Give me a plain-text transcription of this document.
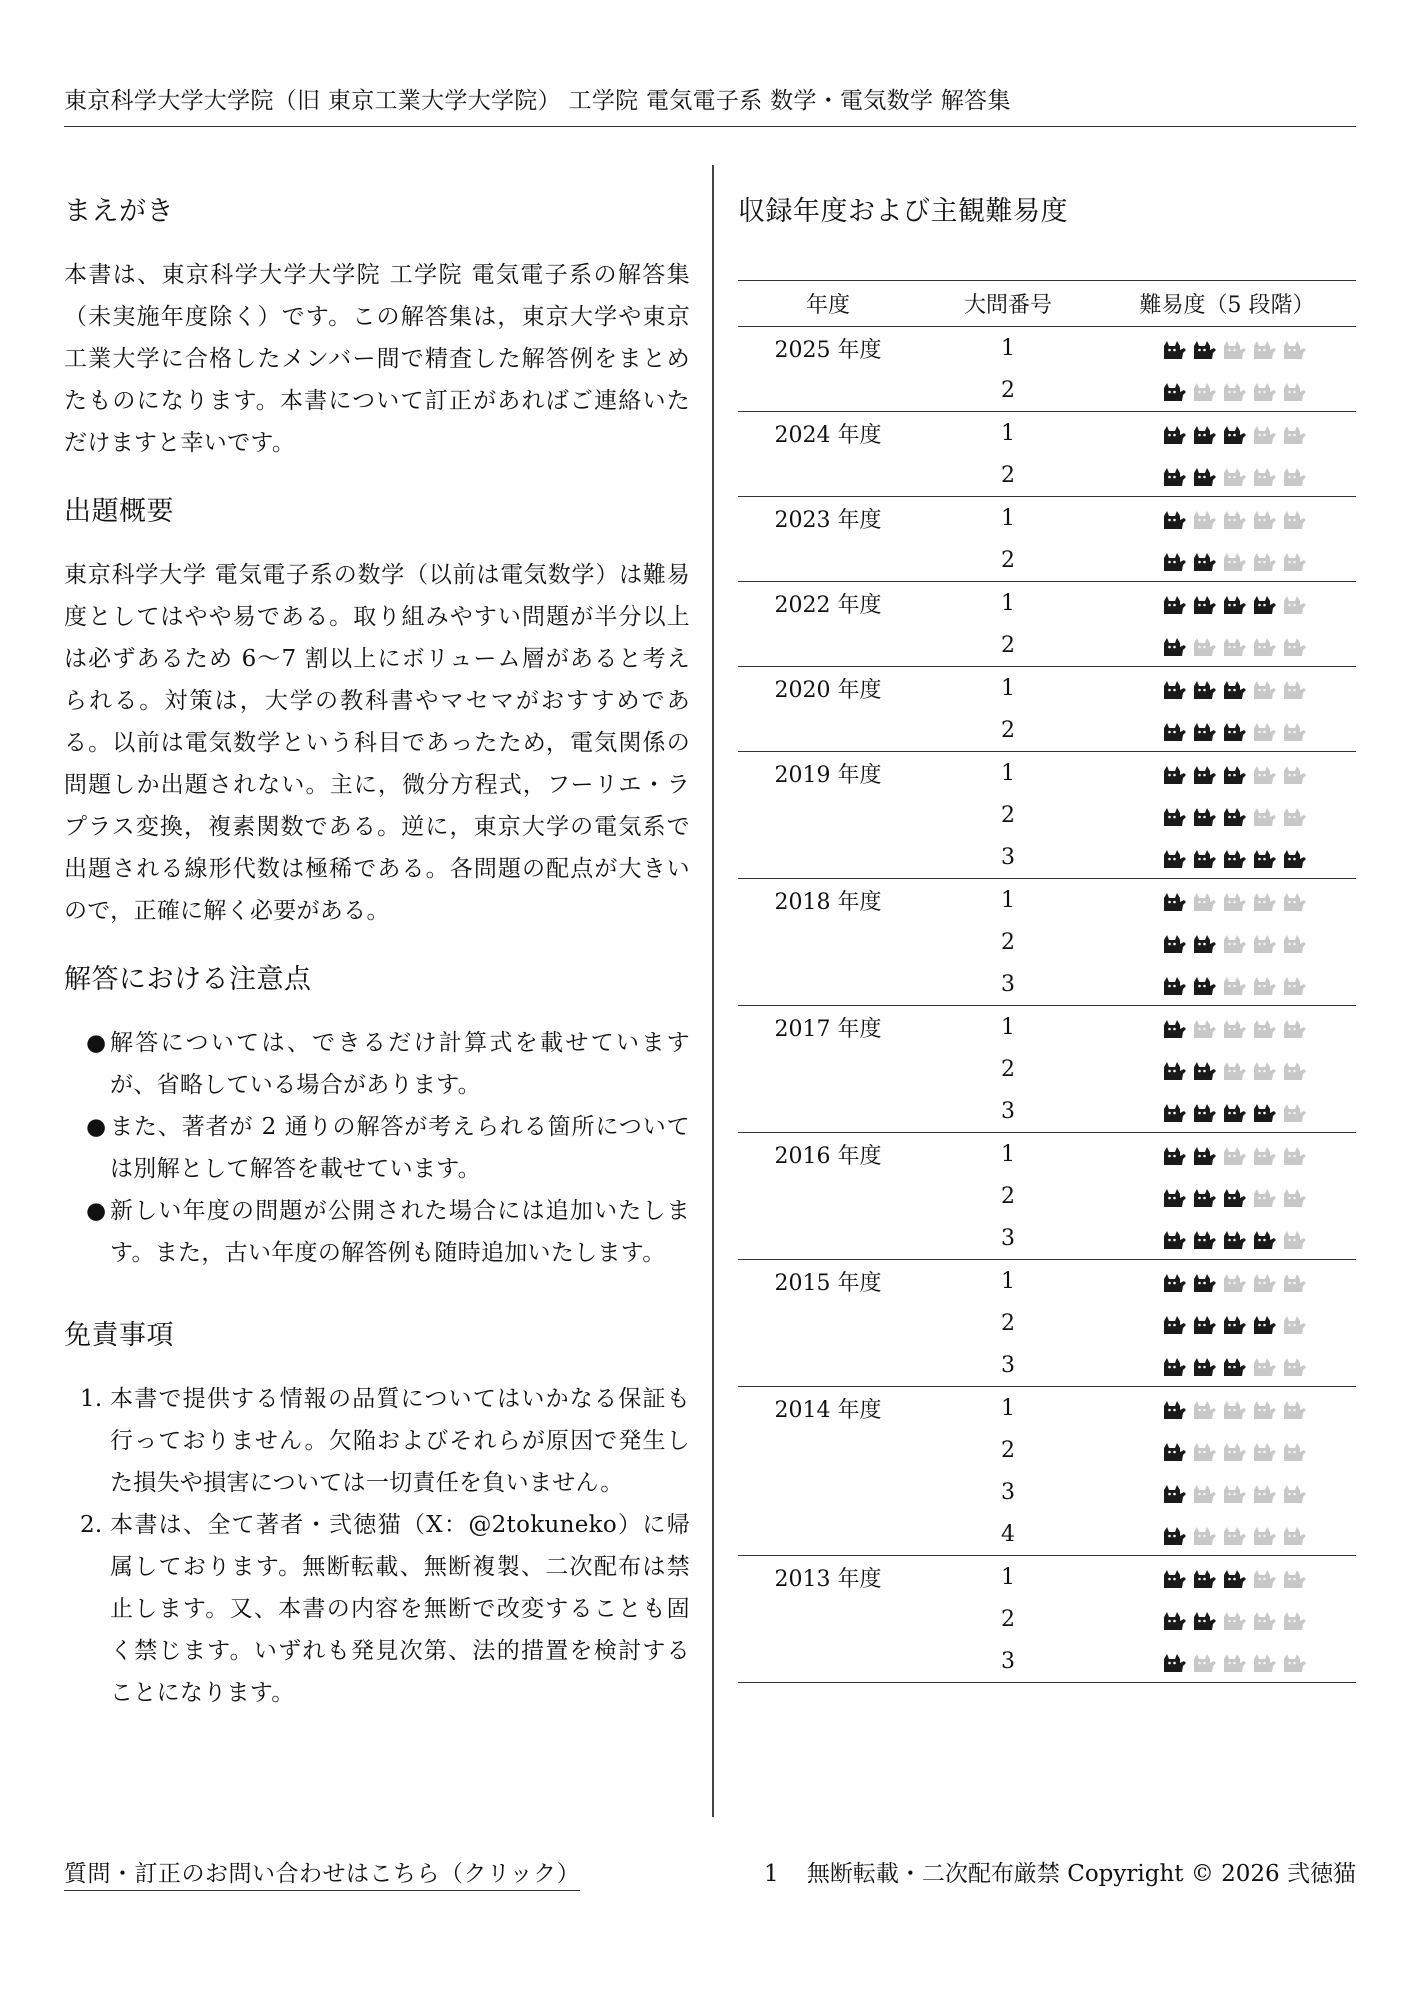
東京科学大学大学院（旧 東京工業大学大学院） 工学院 電気電子系 数学・電気数学 解答集
まえがき

本書は、東京科学大学大学院 工学院 電気電子系の解答集（未実施年度除く）です。この解答集は，東京大学や東京工業大学に合格したメンバー間で精査した解答例をまとめたものになります。本書について訂正があればご連絡いただけますと幸いです。

出題概要

東京科学大学 電気電子系の数学（以前は電気数学）は難易度としてはやや易である。取り組みやすい問題が半分以上は必ずあるため 6〜7 割以上にボリューム層があると考えられる。対策は，大学の教科書やマセマがおすすめである。以前は電気数学という科目であったため，電気関係の問題しか出題されない。主に，微分方程式，フーリエ・ラプラス変換，複素関数である。逆に，東京大学の電気系で出題される線形代数は極稀である。各問題の配点が大きいので，正確に解く必要がある。

解答における注意点
● 解答については、できるだけ計算式を載せていますが、省略している場合があります。
● また、著者が 2 通りの解答が考えられる箇所については別解として解答を載せています。
● 新しい年度の問題が公開された場合には追加いたします。また，古い年度の解答例も随時追加いたします。
免責事項
1. 本書で提供する情報の品質についてはいかなる保証も行っておりません。欠陥およびそれらが原因で発生した損失や損害については一切責任を負いません。
2. 本書は、全て著者・弐徳猫（X：@2tokuneko）に帰属しております。無断転載、無断複製、二次配布は禁止します。又、本書の内容を無断で改変することも固く禁じます。いずれも発見次第、法的措置を検討することになります。
収録年度および主観難易度
年度	大問番号	難易度（5 段階）
2025 年度	1	
	2	
2024 年度	1	
	2	
2023 年度	1	
	2	
2022 年度	1	
	2	
2020 年度	1	
	2	
2019 年度	1	
	2	
	3	
2018 年度	1	
	2	
	3	
2017 年度	1	
	2	
	3	
2016 年度	1	
	2	
	3	
2015 年度	1	
	2	
	3	
2014 年度	1	
	2	
	3	
	4	
2013 年度	1	
	2	
	3	
質問・訂正のお問い合わせはこちら（クリック）	1 無断転載・二次配布厳禁 Copyright © 2026 弐徳猫
